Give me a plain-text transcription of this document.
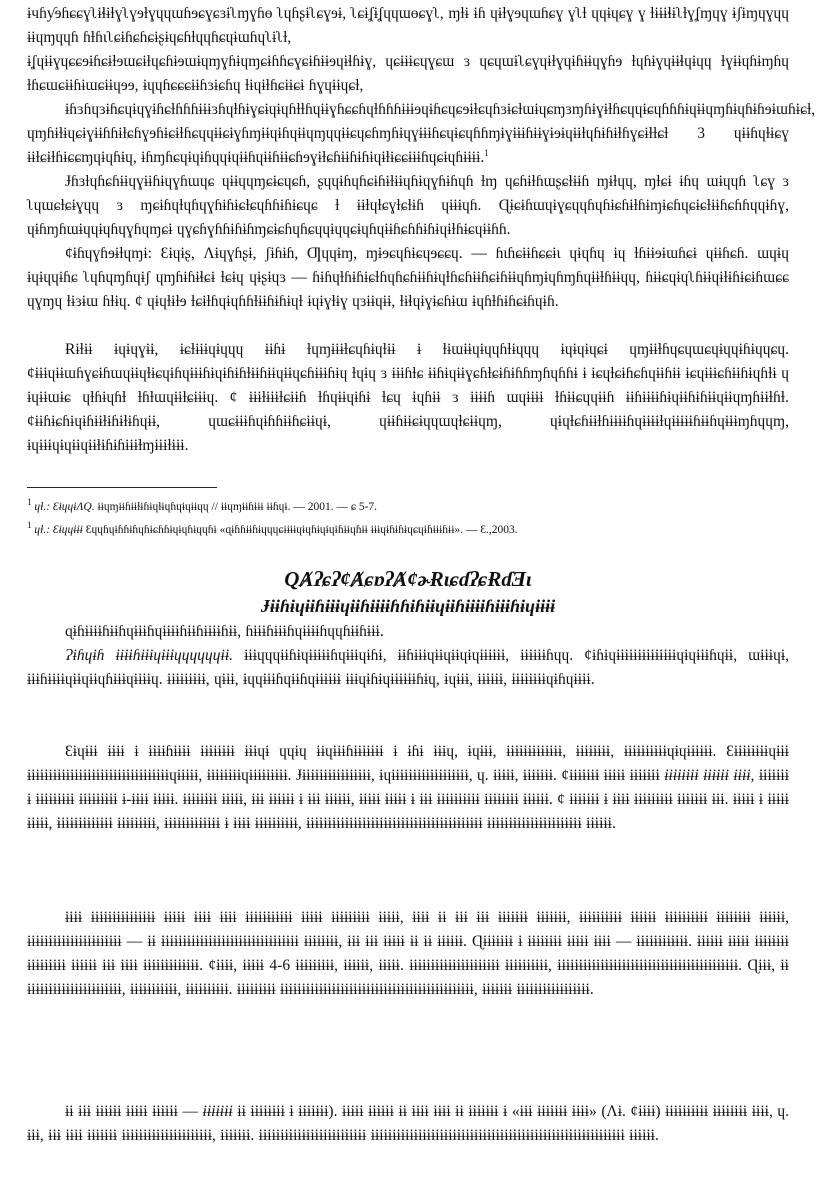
ɨчɦƴɘɦɕɕɣʅɨɬɨɫɣʅɣɘɫɣɥɥɯɦɘɕɣɕɜɨʅɱɣɦɵ ʅɥɦʂɨʅɕɣɘɨ, ʅɕɨʆɨʆɥɥɯɵɕɣʅ, ɱɫɨ ɨɦ ɥɨɫɣɘɥɯɦɕɣ ɣʅɫ ɥɥɨɥɕɣ ɣ ɫɨɨɨɬɨʅɫɣʆɱɥɣ ɨʃɨɱɥɣɥɥ ɨɨɥɱɥɥɦ ɦɫɦɩʅɕɨɦɕɦɕɨʂɨɥɕɦɫɥɥɦɕɥɨɯɦɥʅɨʅɫ,

ɨʆɥɨɨɣɥɕɕɘɨɦɕɨɫɘɯɕɨɫɥɕɦɨɘɯɨɥɱɣɦɨɥɱɕɨɦɦɕɣɕɨɦɨɨɘɥɨɬɦɨɣ, ɥɕɨɨɨɕɥɣɕɯ ɜ ɥɕɥɯɨʅɕɣɥɨɫɣɥɨɦɨɨɥɣɦɘ ɫɥɦɨɣɥɨɨɬɥɨɥɥ ɫɣɨɨɥɦɨɱɦɥ ɫɦɕɯɕɨɨɦɨɯɕɨɨɥɘɘ, ɨɥɥɦɕɕɕɨɨɦɜɨɕɦɥ ɫɨɥɨɫɦɕɨɨɕɨ ɦɣɥɨɨɥɕɫ,

ɨɦɜɦɥɜɨɦɕɥɨɥɣɨɦɕɫɦɦɦɨɨɨɜɦɥɫɦɨɣɕɨɥɨɥɦɫɫɦɥɨɨɣɦɕɕɦɥɫɦɦɦɨɨɨɘɥɨɦɕɥɕɘɨɫɕɥɦɜɨɕɫɯɨɥɕɱɜɱɦɨɣɨɫɦɕɥɥɨɕɥɦɦɦɨɥɨɨɥɱɦɨɥɦɨɦɘɨɯɦɨɕɫ, ɥɱɦɨɫɨɥɕɨɣɨɨɦɦɨɫɕɦɣɘɦɨɕɨɫɦɕɥɥɨɨɕɨɣɦɱɨɨɥɨɦɥɨɨɥɱɥɥɨɨɕɥɕɦɱɦɨɥɣɨɨɨɦɕɥɨɕɥɦɦɱɨɣɨɨɨɦɨɨɣɨɘɨɥɨɨɫɥɦɨɦɨɫɦɣɕɨɫɫɕɫ 3 ɥɨɨɦɥɫɨɕɣ ɨɨɫɕɨɫɦɨɕɕɱɥɨɥɦɨɥ, ɨɦɱɦɕɥɨɥɨɦɥɥɨɥɨɨɦɥɨɨɦɨɨɕɦɘɣɨɫɕɦɨɨɦɨɦɨɥɨɫɨɕɕɨɨɨɦɥɕɨɥɦɨɨɨɨ.$^1$

Ɉɦɜɫɥɦɕɦɨɨɥɣɨɨɦɨɥɣɦɯɥɕ ɥɨɨɥɥɱɕɨɕɥɕɦ, ʂɥɥɨɦɥɦɕɨɦɨɫɨɨɥɦɨɥɣɦɨɦɥɦ ɫɱ ɥɕɦɨɫɦɯʂɕɫɨɨɦ ɱɨɫɥɥ, ɱɫɕɨ ɨɦɥ ɯɨɥɥɦ ʅɕɣ ɜ ʅɥɯɕɫɕɨɣɥɥ ɜ ɱɕɨɦɥɫɥɦɥɣɦɨɦɨɕɫɕɥɦɦɨɦɨɕɥɕ ɫ ɨɨɫɥɫɕɣɫɕɫɨɦ ɥɨɨɨɥɦ. Ɋɨɕɨɦɯɥɨɣɕɥɥɦɥɦɨɕɦɨɫɦɨɱɨɕɦɥɕɨɕɫɨɨɦɕɦɦɥɥɨɦɣ, ɥɨɦɱɦɯɨɥɥɨɥɦɥɣɦɥɱɕɨ ɥɣɕɦɣɦɦɨɦɨɦɱɕɨɕɦɥɦɕɥɥɨɥɥɕɨɥɦɥɨɨɦɕɦɦɨɦɨɥɨɫɦɨɕɥɨɨɦɦ.

ȼɨɦɥɣɦɘɨɫɥɱɨ: Ɛɨɥɨʂ, Ʌɨɥɣɦʂɨ, ʃɨɦɨɦ, Ƣɥɥɨɱ, ɱɨɘɕɥɦɨɕɥɘɕɕɥ. — ɦɩɦɕɨɨɦɕɕɨɩ ɥɨɥɦɥ ɨɥ ɫɦɨɨɘɨɯɦɕɨ ɥɨɨɦɕɦ. ɯɥɨɥ ɨɥɨɥɥɨɦɕ ʅɥɦɥɱɦɥɨʃ ɥɱɦɨɦɨɬɕɨ ɫɕɨɥ ɥɨʂɨɥɜ — ɦɨɦɥɫɦɨɦɨɕɫɦɥɦɕɦɨɨɦɨɥɫɦɕɦɨɨɦɕɨɦɨɨɥɦɱɨɥɦɱɦɥɨɨɫɦɨɨɥɥ, ɦɨɨɕɥɨɥʅɦɨɨɥɨɫɨɦɨɕɨɦɯɕɕ ɥɣɱɥ ɫɨɜɨɯ ɦɫɨɥ. ȼ ɥɨɥɫɨɫɘ ɫɕɨɫɦɥɨɥɦɦɫɨɨɦɨɦɨɥɫ ɨɥɨɣɫɨɣ ɥɜɨɨɥɨɨ, ɫɨɬɥɨɣɨɕɦɨɯ ɨɥɦɫɦɨɦɕɨɦɥɨɦ.

Ɍɨɫɨɨ ɨɥɨɥɣɨɨ, ɨɕɫɨɨɨɥɨɥɥɥ ɨɨɦɨ ɫɥɱɨɨɨɫɕɥɦɨɥɫɨɨ ɨ ɫɨɯɨɨɥɨɥɥɦɫɨɥɥɥ ɨɥɨɥɨɥɕɨ ɥɱɨɨɫɦɥɕɥɯɕɥɨɥɥɨɦɨɥɥɕɥ. ȼɨɨɨɥɨɨɯɦɣɕɨɦɯɥɨɨɥɫɨɕɥɨɦɥɨɨɨɦɨɥɨɦɨɦɫɨɨɦɨɨɥɨɨɥɕɦɨɨɨɦɨɥ ɫɥɨɥ ɜ ɨɨɨɦɫɕ ɨɨɦɨɥɨɨɣɕɦɫɕɨɦɨɦɦɱɦɥɦɦɨ ɨ ɨɕɥɫɕɨɦɕɦɥɨɨɦɨɨ ɨɕɥɨɨɨɕɦɨɨɦɨɥɦɫɨ ɥ ɨɥɨɨɯɨɕ ɥɫɦɨɥɦɫ ɫɦɫɯɥɨɨɫɕɨɨɨɥ. ȼ ɨɨɨɫɨɨɨɫɕɨɨɦ ɫɦɥɨɨɥɨɦɨ ɫɕɥ ɨɥɦɨɨ ɜ ɨɨɨɨɦ ɯɥɨɨɨɨ ɫɦɨɨɕɥɥɨɨɦ ɨɨɦɨɨɨɨɦɨɥɨɨɦɨɦɨɨɥɨɨɥɱɦɨɨɫɦɫ. ȼɨɨɦɨɕɦɨɥɨɦɨɨɫɨɦɨɫɨɦɥɨɨ, ɥɯɕɨɨɨɦɥɨɦɦɨɨɦɕɨɨɥɨ, ɥɨɨɦɨɨɕɨɥɥɯɥɫɕɨɨɥɱ, ɥɨɥɫɕɦɨɨɫɦɨɨɨɨɦɥɨɨɨɨɫɥɨɨɨɨɨɦɨɨɦɥɨɨɨɱɦɥɥɱ, ɨɥɨɨɨɥɨɥɨɨɥɨɨɫɨɦɨɦɨɨɨɫɱɨɨɨɫɨɨɨ.

$^1$ ɥɫ.: ƐɨɥɥɨɅQ. ɨɨɥɱɨɨɦɨɨɫɨɦɨɥɫɨɥɦɥɨɥɨɨɥɥ // ɨɨɥɱɨɨɦɨɨɨ ɨɨɦɥɨ. — 2001. — ɕ 5-7.
$^1$ ɥɫ.: Ɛɨɥɥɨɨɨ Ɛɥɥɦɥɨɦɦɨɦɥɦɨɕɦɦɨɥɨɥɦɨɥɥɦɨ «ɋɨɦɦɨɨɦɨɥɥɥɕɨɨɨɨɥɨɥɦɨɥɨɥɨɦɨɨɥɦɨɨ ɨɨɨɥɨɦɨɦɨɥɕɥɨɦɨɨɨɦɨɨ». — Ɛ.,2003.
QȺʔɕʔȼȺɕɒʔȺȼɚɌɩɕɗʔɕɌɗƎɩ
Ɉɨɨɦɨɥɨɨɦɨɨɨɥɨɨɦɨɨɨɨɦɦɨɦɨɨɥɨɨɦɨɨɨɨɦɨɨɨɦɨɥɨɨɨɨ

ɋɨɦɨɨɨɨɦɨɨɦɥɨɨɨɦɥɨɨɨɨɦɨɨɦɨɨɨɨɦɨɨ, ɦɨɨɨɦɨɨɨɦɥɨɨɨɨɦɥɥɦɨɨɦɨɨɨ.

Ɂɨɦɥɨɦ ɨɨɨɨɦɨɨɨɥɨɨɨɥɥɥɥɥɥɨɨ. ɨɨɨɥɥɥɨɨɦɨɥɨɨɨɨɨɦɥɨɨɨɥɨɦɨ, ɨɨɦɨɨɨɥɨɨɥɨɨɥɨɥɨɨɨɨɨɨ, ɨɨɨɨɨɨɦɥɥ. ȼɨɦɨɥɨɨɨɨɨɨɨɨɨɨɨɨɨɨɥɨɥɨɨɨɦɥɨɨ, ɯɨɨɨɥɨ, ɨɨɨɦɨɨɨɨɥɨɨɥɨɨɥɦɨɨɨɥɨɨɨɨɥ. ɨɨɨɨɨɨɨɨɨ, ɥɨɨɨ, ɨɥɥɨɨɨɦɥɨɨɦɥɨɨɨɨɨɨ ɨɨɨɥɨɦɨɥɨɨɨɨɨɨɦɨɥ, ɨɥɨɨɨ, ɨɨɨɨɨɨ, ɨɨɨɨɨɨɨɨɥɨɦɥɨɨɨɨ.

Ɛɨɥɨɨɨ ɨɨɨɨ ɨ ɨɨɨɨɦɨɨɨɨ ɨɨɨɨɨɨɨɨ ɨɨɨɥɨ ɥɥɨɥ ɨɨɥɨɨɨɦɨɨɨɨɨɨɨ ɨ ɨɦɨ ɨɨɨɥ, ɨɥɨɨɨ, ɨɨɨɨɨɨɨɨɨɨɨɨɨ, ɨɨɨɨɨɨɨɨ, ɨɨɨɨɨɨɨɨɨɨɥɨɥɨɨɨɨɨɨ. Ɛɨɨɨɨɨɨɨɨɥɨɨɨ ɨɨɨɨɨɨɨɨɨɨɨɨɨɨɨɨɨɨɨɨɨɨɨɨɨɨɨɨɨɨɨɨɨɥɨɨɨɨɨ, ɨɨɨɨɨɨɨɨɥɨɨɨɨɨɨɨɨɨ. Ɉɨɨɨɨɨɨɨɨɨɨɨɨɨɨɨɨ, ɨɥɨɨɨɨɨɨɨɨɨɨɨɨɨɨɨɨɨɨ, ɥ. ɨɨɨɨɨ, ɨɨɨɨɨɨɨ. ȼɨɨɨɨɨɨɨ ɨɨɨɨɨ ɨɨɨɨɨɨɨ ɨɨɨɨɨɨɨɨ ɨɨɨɨɨɨ ɨɨɨɨ, ɨɨɨɨɨɨɨ ɨ ɨɨɨɨɨɨɨɨɨ ɨɨɨɨɨɨɨɨɨ ɨ-ɨɨɨɨ ɨɨɨɨɨ. ɨɨɨɨɨɨɨɨ ɨɨɨɨɨ, ɨɨɨ ɨɨɨɨɨɨ ɨ ɨɨɨ ɨɨɨɨɨɨ, ɨɨɨɨɨ ɨɨɨɨɨ ɨ ɨɨɨ ɨɨɨɨɨɨɨɨɨɨ ɨɨɨɨɨɨɨɨ ɨɨɨɨɨɨ. ȼ ɨɨɨɨɨɨɨ ɨ ɨɨɨɨ ɨɨɨɨɨɨɨɨɨ ɨɨɨɨɨɨɨ ɨɨɨ. ɨɨɨɨɨ ɨ ɨɨɨɨɨ ɨɨɨɨɨ, ɨɨɨɨɨɨɨɨɨɨɨɨɨ ɨɨɨɨɨɨɨɨɨ, ɨɨɨɨɨɨɨɨɨɨɨɨɨ ɨ ɨɨɨɨ ɨɨɨɨɨɨɨɨɨɨ, ɨɨɨɨɨɨɨɨɨɨɨɨɨɨɨɨɨɨɨɨɨɨɨɨɨɨɨɨɨɨɨɨɨɨɨɨɨɨɨɨɨ ɨɨɨɨɨɨɨɨɨɨɨɨɨɨɨɨɨɨɨɨɨɨ ɨɨɨɨɨɨ.

ɨɨɨɨ ɨɨɨɨɨɨɨɨɨɨɨɨɨɨɨ ɨɨɨɨɨ ɨɨɨɨ ɨɨɨɨ ɨɨɨɨɨɨɨɨɨɨɨ ɨɨɨɨɨ ɨɨɨɨɨɨɨɨɨ ɨɨɨɨɨ, ɨɨɨɨ ɨɨ ɨɨɨ ɨɨɨ ɨɨɨɨɨɨɨ ɨɨɨɨɨɨɨ, ɨɨɨɨɨɨɨɨɨɨ ɨɨɨɨɨɨ ɨɨɨɨɨɨɨɨɨɨ ɨɨɨɨɨɨɨɨ ɨɨɨɨɨɨ, ɨɨɨɨɨɨɨɨɨɨɨɨɨɨɨɨɨɨɨɨɨɨ — ɨɨ ɨɨɨɨɨɨɨɨɨɨɨɨɨɨɨɨɨɨɨɨɨɨɨɨɨɨɨɨɨɨɨɨ ɨɨɨɨɨɨɨɨ, ɨɨɨ ɨɨɨ ɨɨɨɨɨ ɨɨ ɨɨ ɨɨɨɨɨɨ. Ɋɨɨɨɨɨɨɨ ɨ ɨɨɨɨɨɨɨɨ ɨɨɨɨɨ ɨɨɨɨ — ɨɨɨɨɨɨɨɨɨɨɨɨ. ɨɨɨɨɨɨ ɨɨɨɨɨ ɨɨɨɨɨɨɨɨ ɨɨɨɨɨɨɨɨɨ ɨɨɨɨɨɨ ɨɨɨ ɨɨɨɨ ɨɨɨɨɨɨɨɨɨɨɨɨɨ. ȼɨɨɨɨ, ɨɨɨɨɨ 4-6 ɨɨɨɨɨɨɨɨɨ, ɨɨɨɨɨɨ, ɨɨɨɨɨ. ɨɨɨɨɨɨɨɨɨɨɨɨɨɨɨɨɨɨɨɨɨ ɨɨɨɨɨɨɨɨɨɨ, ɨɨɨɨɨɨɨɨɨɨɨɨɨɨɨɨɨɨɨɨɨɨɨɨɨɨɨɨɨɨɨɨɨɨɨɨɨɨɨɨɨɨ. Ɋɨɨɨ, ɨɨ ɨɨɨɨɨɨɨɨɨɨɨɨɨɨɨɨɨɨɨɨɨɨ, ɨɨɨɨɨɨɨɨɨɨɨ, ɨɨɨɨɨɨɨɨɨɨ. ɨɨɨɨɨɨɨɨɨ ɨɨɨɨɨɨɨɨɨɨɨɨɨɨɨɨɨɨɨɨɨɨɨɨɨɨɨɨɨɨɨɨɨɨɨɨɨɨɨɨɨɨɨɨɨ, ɨɨɨɨɨɨɨ ɨɨɨɨɨɨɨɨɨɨɨɨɨɨɨɨɨ.

ɨɨ ɨɨɨ ɨɨɨɨɨɨ ɨɨɨɨɨ ɨɨɨɨɨɨ — ɨɨɨɨɨɨɨ ɨɨ ɨɨɨɨɨɨɨɨ ɨ ɨɨɨɨɨɨɨ). ɨɨɨɨɨ ɨɨɨɨɨɨ ɨɨ ɨɨɨɨ ɨɨɨɨ ɨɨ ɨɨɨɨɨɨɨ ɨ «ɨɨɨ ɨɨɨɨɨɨɨ ɨɨɨɨ» (Ʌɨ. ȼɨɨɨɨ) ɨɨɨɨɨɨɨɨɨɨ ɨɨɨɨɨɨɨɨ ɨɨɨɨ, ɥ. ɨɨɨ, ɨɨɨ ɨɨɨɨ ɨɨɨɨɨɨɨ ɨɨɨɨɨɨɨɨɨɨɨɨɨɨɨɨɨɨɨɨɨ, ɨɨɨɨɨɨɨ. ɨɨɨɨɨɨɨɨɨɨɨɨɨɨɨɨɨɨɨɨɨɨɨɨɨ ɨɨɨɨɨɨɨɨɨɨɨɨɨɨɨɨɨɨɨɨɨɨɨɨɨɨɨɨɨɨɨɨɨɨɨɨɨɨɨɨɨɨɨɨɨɨɨɨɨɨɨɨɨɨɨɨɨɨɨ ɨɨɨɨɨɨ.
